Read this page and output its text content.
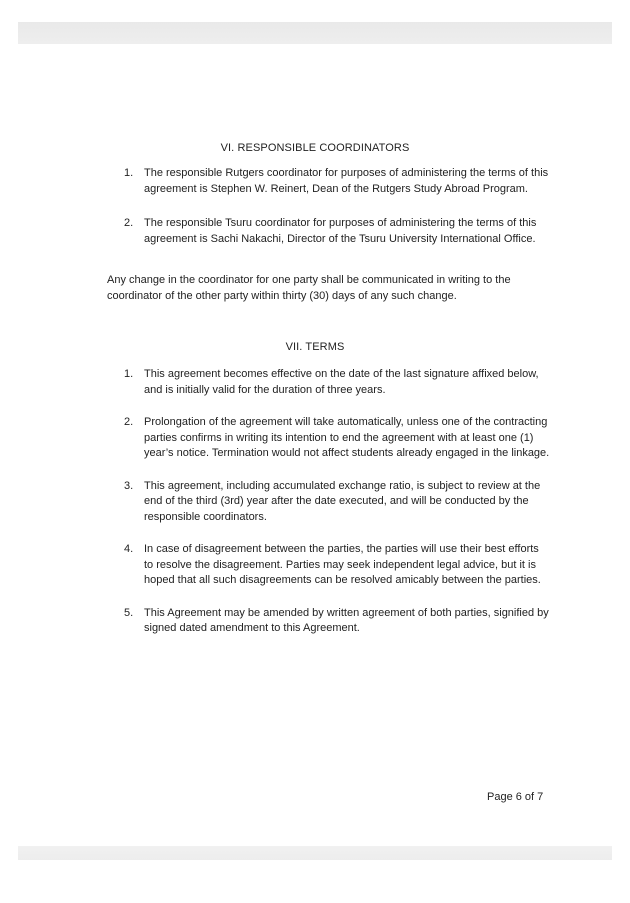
VI. RESPONSIBLE COORDINATORS
1. The responsible Rutgers coordinator for purposes of administering the terms of this agreement is Stephen W. Reinert, Dean of the Rutgers Study Abroad Program.
2. The responsible Tsuru coordinator for purposes of administering the terms of this agreement is Sachi Nakachi, Director of the Tsuru University International Office.

Any change in the coordinator for one party shall be communicated in writing to the coordinator of the other party within thirty (30) days of any such change.

VII. TERMS
1. This agreement becomes effective on the date of the last signature affixed below, and is initially valid for the duration of three years.
2. Prolongation of the agreement will take automatically, unless one of the contracting parties confirms in writing its intention to end the agreement with at least one (1) year’s notice. Termination would not affect students already engaged in the linkage.
3. This agreement, including accumulated exchange ratio, is subject to review at the end of the third (3rd) year after the date executed, and will be conducted by the responsible coordinators.
4. In case of disagreement between the parties, the parties will use their best efforts to resolve the disagreement. Parties may seek independent legal advice, but it is hoped that all such disagreements can be resolved amicably between the parties.
5. This Agreement may be amended by written agreement of both parties, signified by signed dated amendment to this Agreement.
Page 6 of 7
